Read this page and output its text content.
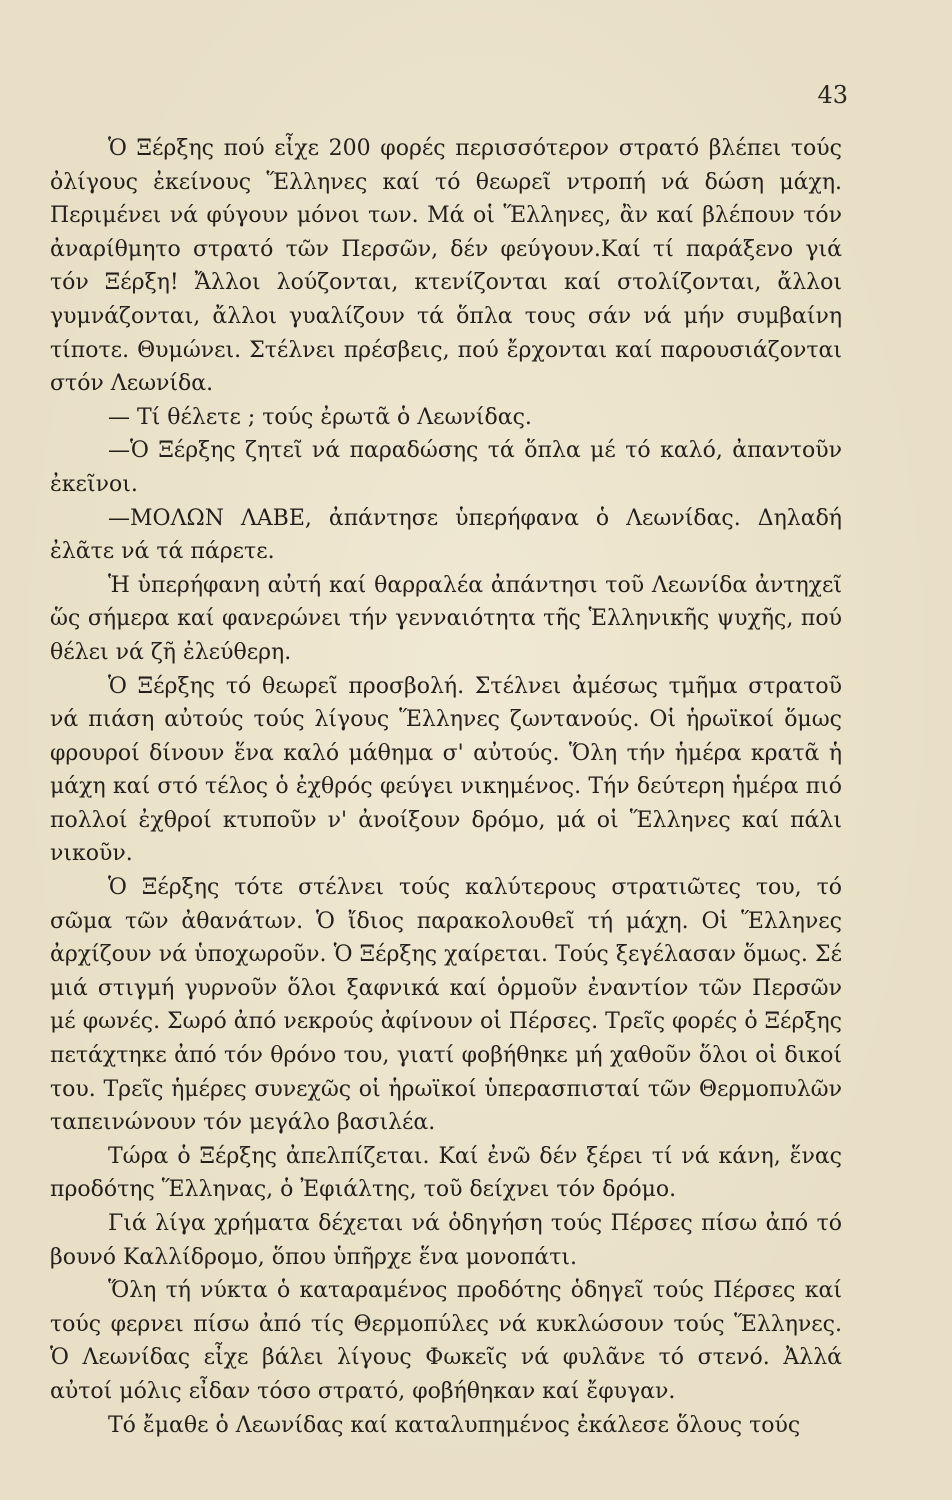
43

Ὁ Ξέρξης πού εἶχε 200 φορές περισσότερον στρατό βλέπει τούς ὀλίγους ἐκείνους Ἕλληνες καί τό θεωρεῖ ντροπή νά δώση μάχη. Περιμένει νά φύγουν μόνοι των. Μά οἱ Ἕλληνες, ἂν καί βλέπουν τόν ἀναρίθμητο στρατό τῶν Περσῶν, δέν φεύγουν.Καί τί παράξενο γιά τόν Ξέρξη! Ἄλλοι λούζονται, κτενίζονται καί στολίζονται, ἄλλοι γυμνάζονται, ἄλλοι γυαλίζουν τά ὅπλα τους σάν νά μήν συμβαίνη τίποτε. Θυμώνει. Στέλνει πρέσβεις, πού ἔρχονται καί παρουσιάζονται στόν Λεωνίδα.

— Τί θέλετε ; τούς ἐρωτᾶ ὁ Λεωνίδας.

—Ὁ Ξέρξης ζητεῖ νά παραδώσης τά ὅπλα μέ τό καλό, ἀπαντοῦν ἐκεῖνοι.

—ΜΟΛΩΝ ΛΑΒΕ, ἀπάντησε ὑπερήφανα ὁ Λεωνίδας. Δηλαδή ἐλᾶτε νά τά πάρετε.

Ἡ ὑπερήφανη αὐτή καί θαρραλέα ἀπάντησι τοῦ Λεωνίδα ἀντηχεῖ ὥς σήμερα καί φανερώνει τήν γενναιότητα τῆς Ἑλληνικῆς ψυχῆς, πού θέλει νά ζῆ ἐλεύθερη.

Ὁ Ξέρξης τό θεωρεῖ προσβολή. Στέλνει ἀμέσως τμῆμα στρατοῦ νά πιάση αὐτούς τούς λίγους Ἕλληνες ζωντανούς. Οἱ ἡρωϊκοί ὅμως φρουροί δίνουν ἕνα καλό μάθημα σ' αὐτούς. Ὅλη τήν ἡμέρα κρατᾶ ἡ μάχη καί στό τέλος ὁ ἐχθρός φεύγει νικημένος. Τήν δεύτερη ἡμέρα πιό πολλοί ἐχθροί κτυποῦν ν' ἀνοίξουν δρόμο, μά οἱ Ἕλληνες καί πάλι νικοῦν.

Ὁ Ξέρξης τότε στέλνει τούς καλύτερους στρατιῶτες του, τό σῶμα τῶν ἀθανάτων. Ὁ ἴδιος παρακολουθεῖ τή μάχη. Οἱ Ἕλληνες ἀρχίζουν νά ὑποχωροῦν. Ὁ Ξέρξης χαίρεται. Τούς ξεγέλασαν ὅμως. Σέ μιά στιγμή γυρνοῦν ὅλοι ξαφνικά καί ὁρμοῦν ἐναντίον τῶν Περσῶν μέ φωνές. Σωρό ἀπό νεκρούς ἀφίνουν οἱ Πέρσες. Τρεῖς φορές ὁ Ξέρξης πετάχτηκε ἀπό τόν θρόνο του, γιατί φοβήθηκε μή χαθοῦν ὅλοι οἱ δικοί του. Τρεῖς ἡμέρες συνεχῶς οἱ ἡρωϊκοί ὑπερασπισταί τῶν Θερμοπυλῶν ταπεινώνουν τόν μεγάλο βασιλέα.

Τώρα ὁ Ξέρξης ἀπελπίζεται. Καί ἐνῶ δέν ξέρει τί νά κάνη, ἕνας προδότης Ἕλληνας, ὁ Ἐφιάλτης, τοῦ δείχνει τόν δρόμο.

Γιά λίγα χρήματα δέχεται νά ὁδηγήση τούς Πέρσες πίσω ἀπό τό βουνό Καλλίδρομο, ὅπου ὑπῆρχε ἕνα μονοπάτι.

Ὅλη τή νύκτα ὁ καταραμένος προδότης ὁδηγεῖ τούς Πέρσες καί τούς φερνει πίσω ἀπό τίς Θερμοπύλες νά κυκλώσουν τούς Ἕλληνες. Ὁ Λεωνίδας εἶχε βάλει λίγους Φωκεῖς νά φυλᾶνε τό στενό. Ἀλλά αὐτοί μόλις εἶδαν τόσο στρατό, φοβήθηκαν καί ἔφυγαν.

Τό ἔμαθε ὁ Λεωνίδας καί καταλυπημένος ἐκάλεσε ὅλους τούς
